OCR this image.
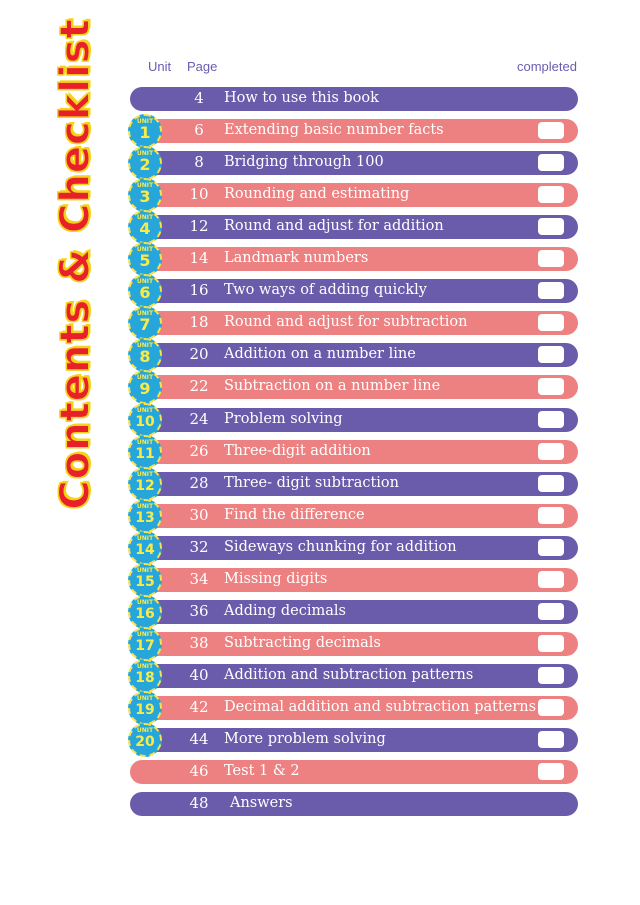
Contents & Checklist	Unit Page	completed
4	How to use this book
UNIT
1	6	Extending basic number facts
UNIT
2	8	Bridging through 100
UNIT
3	10	Rounding and estimating
UNIT
4	12	Round and adjust for addition
UNIT
5	14	Landmark numbers
UNIT
6	16	Two ways of adding quickly
UNIT
7	18	Round and adjust for subtraction
UNIT
8	20	Addition on a number line
UNIT
9	22	Subtraction on a number line
UNIT
10	24	Problem solving
UNIT
11	26	Three-digit addition
UNIT
12	28	Three- digit subtraction
UNIT
13	30	Find the difference
UNIT
14	32	Sideways chunking for addition
UNIT
15	34	Missing digits
UNIT
16	36	Adding decimals
UNIT
17	38	Subtracting decimals
UNIT
18	40	Addition and subtraction patterns
UNIT
19	42	Decimal addition and subtraction patterns
UNIT
20	44	More problem solving
46	Test 1 & 2
48	Answers
